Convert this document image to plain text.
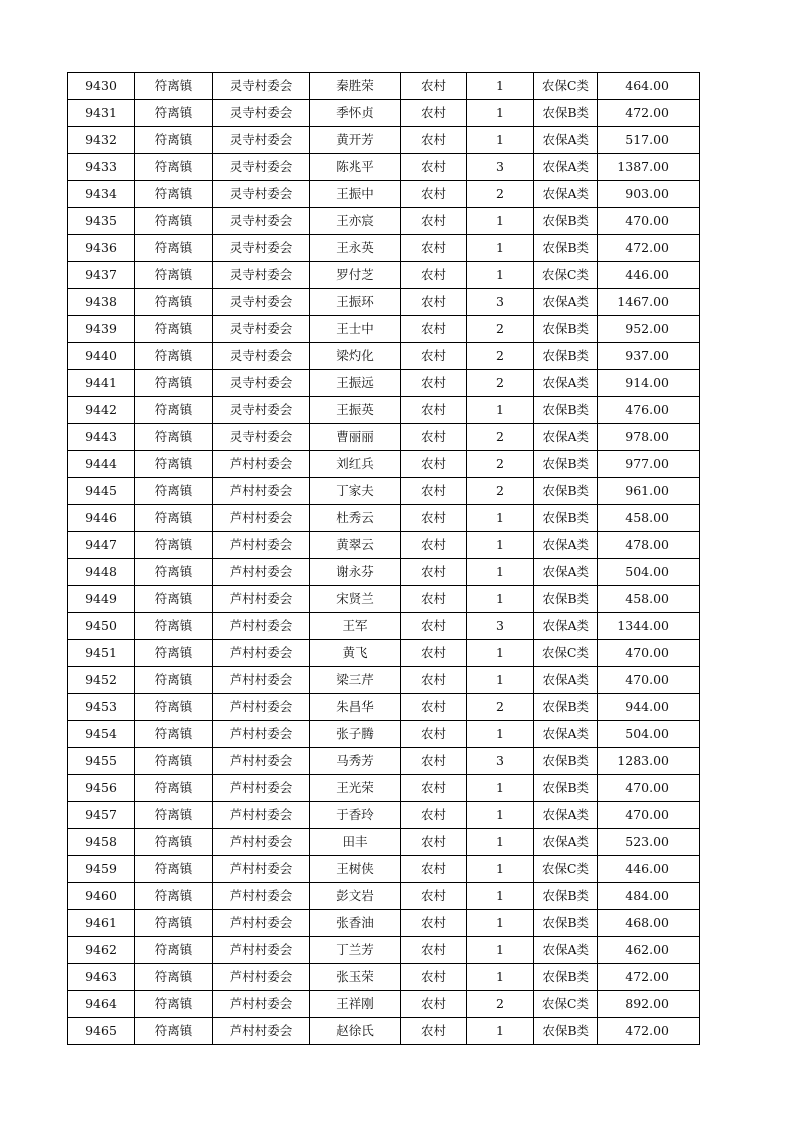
9430	符离镇	灵寺村委会	秦胜荣	农村	1	农保C类	464.00
9431	符离镇	灵寺村委会	季怀贞	农村	1	农保B类	472.00
9432	符离镇	灵寺村委会	黄开芳	农村	1	农保A类	517.00
9433	符离镇	灵寺村委会	陈兆平	农村	3	农保A类	1387.00
9434	符离镇	灵寺村委会	王振中	农村	2	农保A类	903.00
9435	符离镇	灵寺村委会	王亦宸	农村	1	农保B类	470.00
9436	符离镇	灵寺村委会	王永英	农村	1	农保B类	472.00
9437	符离镇	灵寺村委会	罗付芝	农村	1	农保C类	446.00
9438	符离镇	灵寺村委会	王振环	农村	3	农保A类	1467.00
9439	符离镇	灵寺村委会	王士中	农村	2	农保B类	952.00
9440	符离镇	灵寺村委会	梁灼化	农村	2	农保B类	937.00
9441	符离镇	灵寺村委会	王振远	农村	2	农保A类	914.00
9442	符离镇	灵寺村委会	王振英	农村	1	农保B类	476.00
9443	符离镇	灵寺村委会	曹丽丽	农村	2	农保A类	978.00
9444	符离镇	芦村村委会	刘红兵	农村	2	农保B类	977.00
9445	符离镇	芦村村委会	丁家夫	农村	2	农保B类	961.00
9446	符离镇	芦村村委会	杜秀云	农村	1	农保B类	458.00
9447	符离镇	芦村村委会	黄翠云	农村	1	农保A类	478.00
9448	符离镇	芦村村委会	谢永芬	农村	1	农保A类	504.00
9449	符离镇	芦村村委会	宋贤兰	农村	1	农保B类	458.00
9450	符离镇	芦村村委会	王军	农村	3	农保A类	1344.00
9451	符离镇	芦村村委会	黄飞	农村	1	农保C类	470.00
9452	符离镇	芦村村委会	梁三芹	农村	1	农保A类	470.00
9453	符离镇	芦村村委会	朱昌华	农村	2	农保B类	944.00
9454	符离镇	芦村村委会	张子腾	农村	1	农保A类	504.00
9455	符离镇	芦村村委会	马秀芳	农村	3	农保B类	1283.00
9456	符离镇	芦村村委会	王光荣	农村	1	农保B类	470.00
9457	符离镇	芦村村委会	于香玲	农村	1	农保A类	470.00
9458	符离镇	芦村村委会	田丰	农村	1	农保A类	523.00
9459	符离镇	芦村村委会	王树侠	农村	1	农保C类	446.00
9460	符离镇	芦村村委会	彭文岩	农村	1	农保B类	484.00
9461	符离镇	芦村村委会	张香油	农村	1	农保B类	468.00
9462	符离镇	芦村村委会	丁兰芳	农村	1	农保A类	462.00
9463	符离镇	芦村村委会	张玉荣	农村	1	农保B类	472.00
9464	符离镇	芦村村委会	王祥刚	农村	2	农保C类	892.00
9465	符离镇	芦村村委会	赵徐氏	农村	1	农保B类	472.00
